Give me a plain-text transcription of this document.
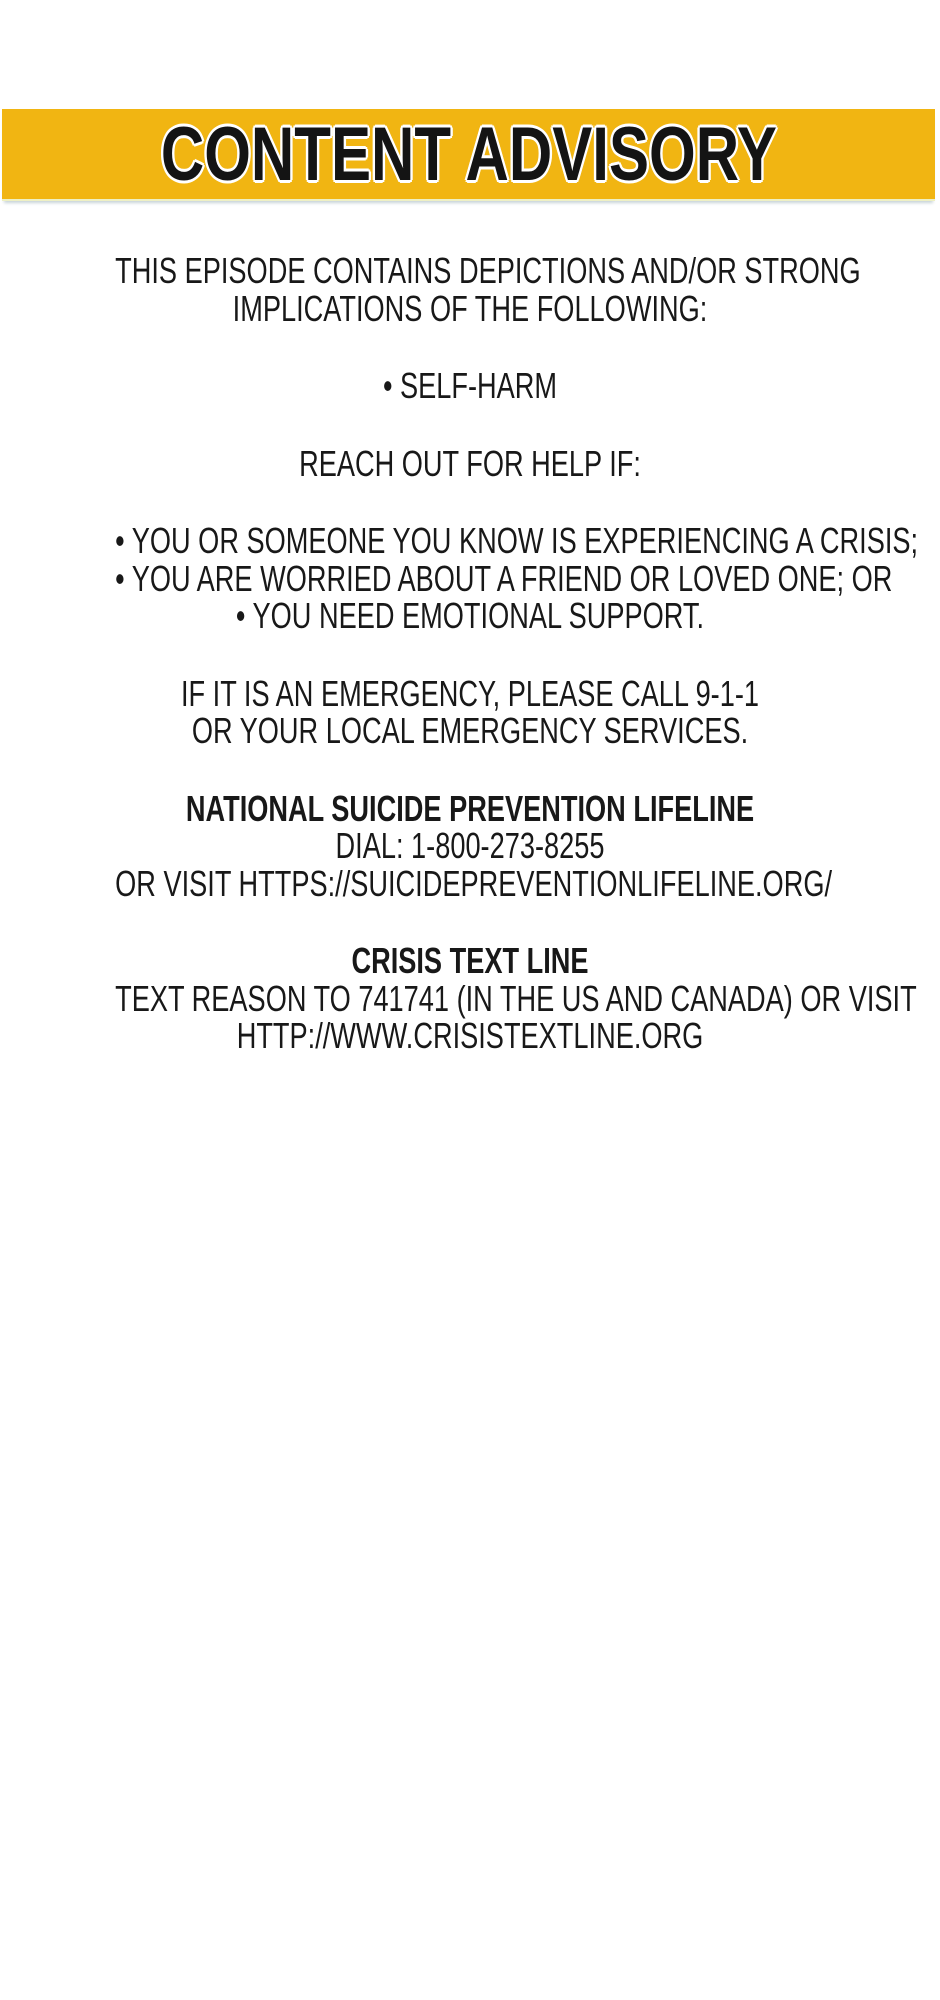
CONTENT ADVISORY
THIS EPISODE CONTAINS DEPICTIONS AND/OR STRONG
IMPLICATIONS OF THE FOLLOWING:
• SELF-HARM
REACH OUT FOR HELP IF:
• YOU OR SOMEONE YOU KNOW IS EXPERIENCING A CRISIS;
• YOU ARE WORRIED ABOUT A FRIEND OR LOVED ONE; OR
• YOU NEED EMOTIONAL SUPPORT.
IF IT IS AN EMERGENCY, PLEASE CALL 9-1-1
OR YOUR LOCAL EMERGENCY SERVICES.
NATIONAL SUICIDE PREVENTION LIFELINE
DIAL: 1-800-273-8255
OR VISIT HTTPS://SUICIDEPREVENTIONLIFELINE.ORG/
CRISIS TEXT LINE
TEXT REASON TO 741741 (IN THE US AND CANADA) OR VISIT
HTTP://WWW.CRISISTEXTLINE.ORG
